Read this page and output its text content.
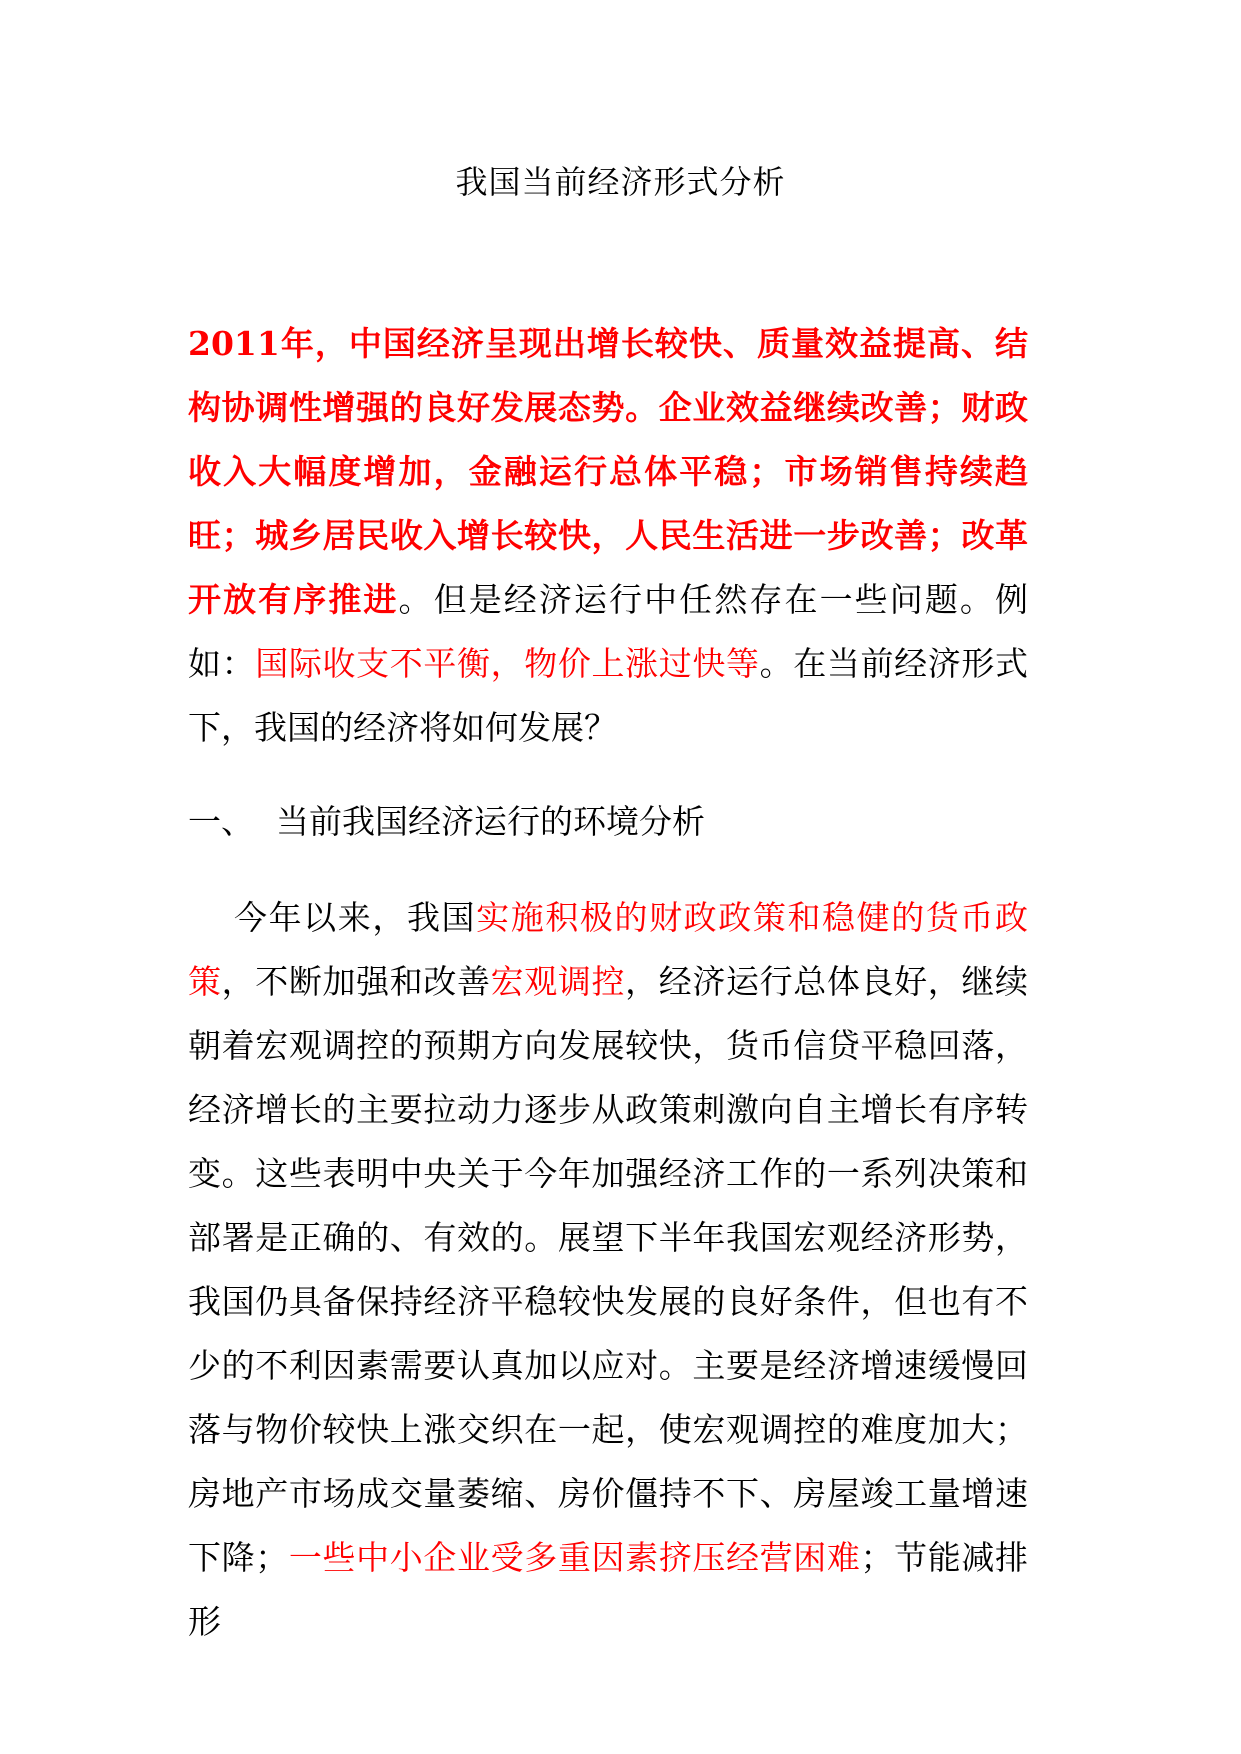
我国当前经济形式分析
2011年，中国经济呈现出增长较快、质量效益提高、结构协调性增强的良好发展态势。企业效益继续改善；财政收入大幅度增加，金融运行总体平稳；市场销售持续趋旺；城乡居民收入增长较快，人民生活进一步改善；改革开放有序推进。但是经济运行中任然存在一些问题。例如：国际收支不平衡，物价上涨过快等。在当前经济形式下，我国的经济将如何发展？
一、 当前我国经济运行的环境分析
今年以来，我国实施积极的财政政策和稳健的货币政策，不断加强和改善宏观调控，经济运行总体良好，继续朝着宏观调控的预期方向发展较快，货币信贷平稳回落，经济增长的主要拉动力逐步从政策刺激向自主增长有序转变。这些表明中央关于今年加强经济工作的一系列决策和部署是正确的、有效的。展望下半年我国宏观经济形势，我国仍具备保持经济平稳较快发展的良好条件，但也有不少的不利因素需要认真加以应对。主要是经济增速缓慢回落与物价较快上涨交织在一起，使宏观调控的难度加大；房地产市场成交量萎缩、房价僵持不下、房屋竣工量增速下降；一些中小企业受多重因素挤压经营困难；节能减排形
